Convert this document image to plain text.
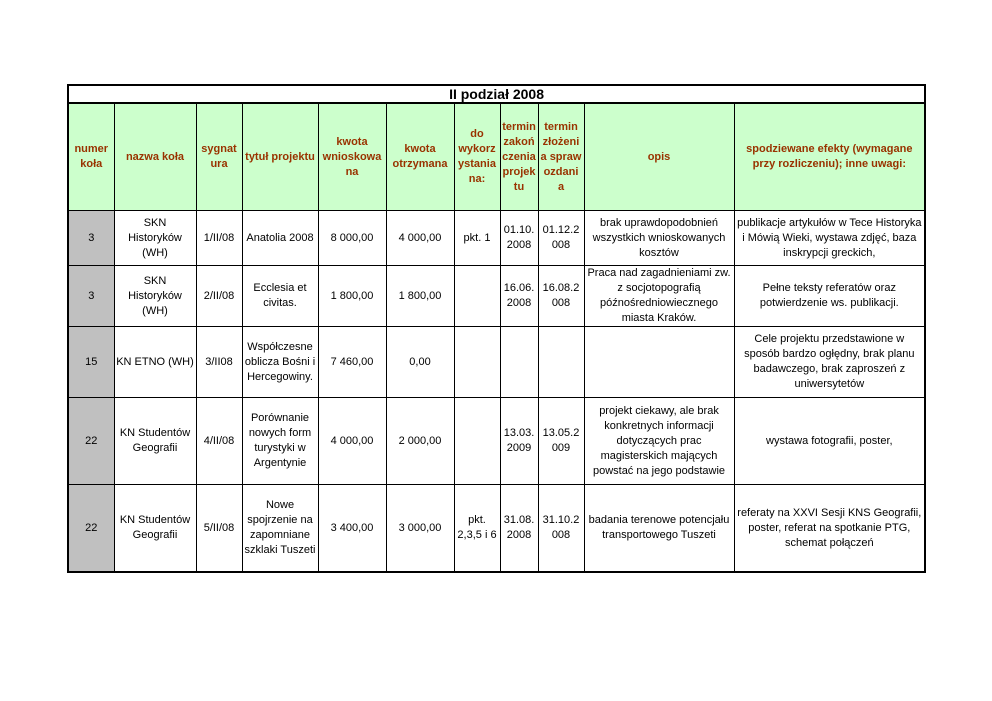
II podział 2008										
numer koła	nazwa koła	sygnat ura	tytuł projektu	kwota wnioskowa na	kwota otrzymana	do wykorz ystania na:	termin zakoń czenia projek tu	termin złożeni a spraw ozdani a	opis	spodziewane efekty (wymagane przy rozliczeniu); inne uwagi:
3	SKN Historyków (WH)	1/II/08	Anatolia 2008	8 000,00	4 000,00	pkt. 1	01.10. 2008	01.12.2 008	brak uprawdopodobnień wszystkich wnioskowanych kosztów	publikacje artykułów w Tece Historyka i Mówią Wieki, wystawa zdjęć, baza inskrypcji greckich,
3	SKN Historyków (WH)	2/II/08	Ecclesia et civitas.	1 800,00	1 800,00		16.06. 2008	16.08.2 008	Praca nad zagadnieniami zw. z socjotopografią późnośredniowiecznego miasta Kraków.	Pełne teksty referatów oraz potwierdzenie ws. publikacji.
15	KN ETNO (WH)	3/II08	Współczesne oblicza Bośni i Hercegowiny.	7 460,00	0,00					Cele projektu przedstawione w sposób bardzo ogłędny, brak planu badawczego, brak zaproszeń z uniwersytetów
22	KN Studentów Geografii	4/II/08	Porównanie nowych form turystyki w Argentynie	4 000,00	2 000,00		13.03. 2009	13.05.2 009	projekt ciekawy, ale brak konkretnych informacji dotyczących prac magisterskich mających powstać na jego podstawie	wystawa fotografii, poster,
22	KN Studentów Geografii	5/II/08	Nowe spojrzenie na zapomniane szklaki Tuszeti	3 400,00	3 000,00	pkt. 2,3,5 i 6	31.08. 2008	31.10.2 008	badania terenowe potencjału transportowego Tuszeti	referaty na XXVI Sesji KNS Geografii, poster, referat na spotkanie PTG, schemat połączeń
